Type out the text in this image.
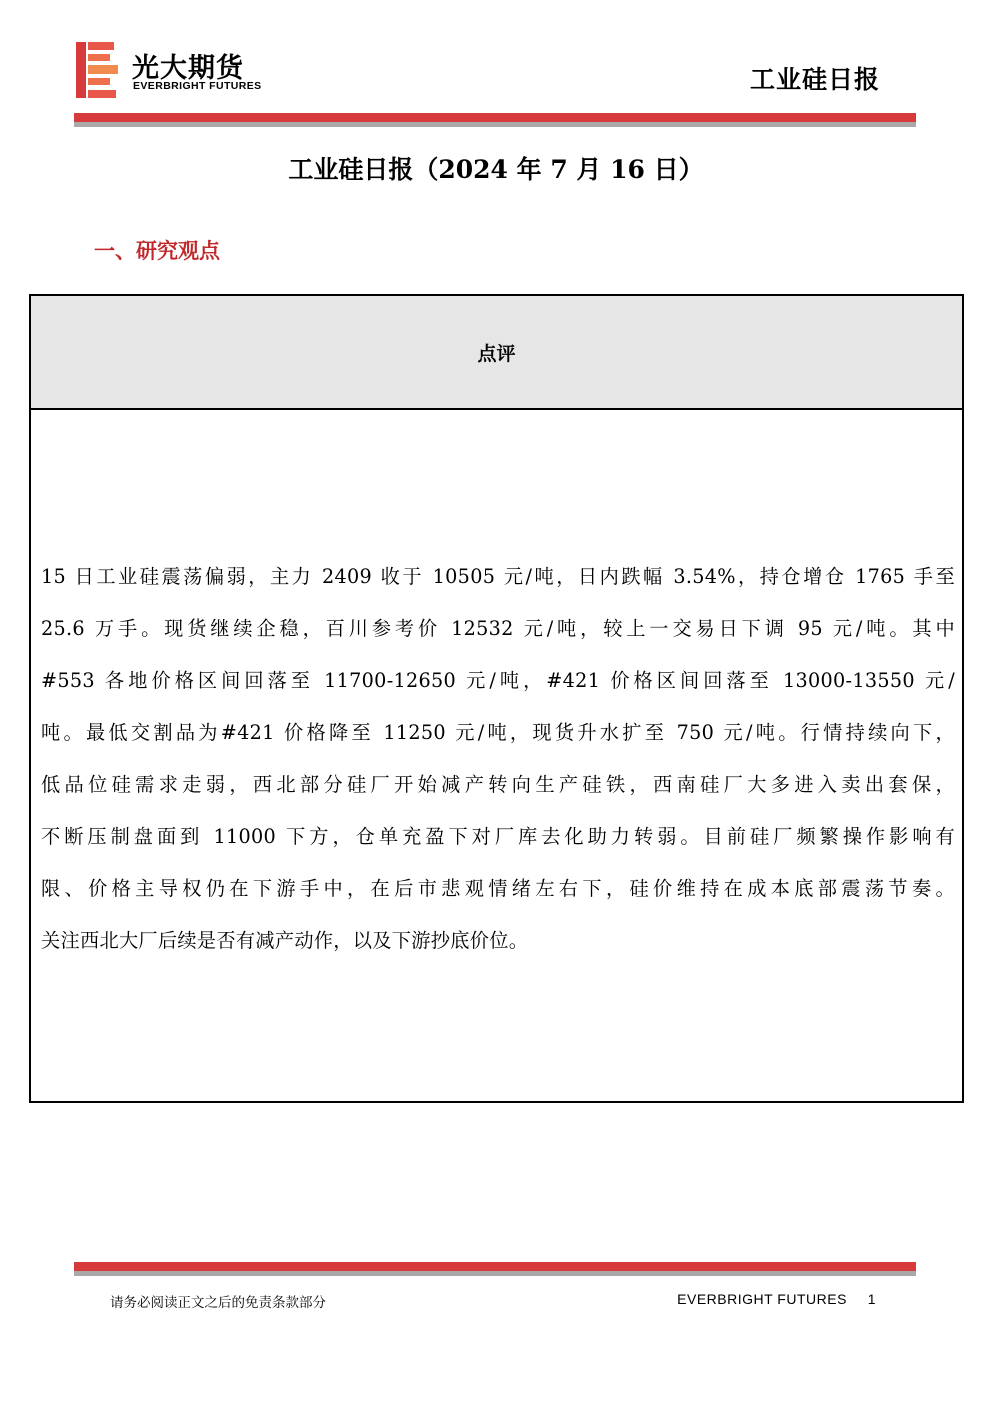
光大期货
EVERBRIGHT FUTURES	工业硅日报
工业硅日报（2024 年 7 月 16 日）
一、研究观点
点评
15 日工业硅震荡偏弱，主力 2409 收于 10505 元/吨，日内跌幅 3.54%，持仓增仓 1765 手至
25.6 万手。现货继续企稳，百川参考价 12532 元/吨，较上一交易日下调 95 元/吨。其中
#553 各地价格区间回落至 11700-12650 元/吨，#421 价格区间回落至 13000-13550 元/
吨。最低交割品为#421 价格降至 11250 元/吨，现货升水扩至 750 元/吨。行情持续向下，
低品位硅需求走弱，西北部分硅厂开始减产转向生产硅铁，西南硅厂大多进入卖出套保，
不断压制盘面到 11000 下方，仓单充盈下对厂库去化助力转弱。目前硅厂频繁操作影响有
限、价格主导权仍在下游手中，在后市悲观情绪左右下，硅价维持在成本底部震荡节奏。
关注西北大厂后续是否有减产动作，以及下游抄底价位。
请务必阅读正文之后的免责条款部分	EVERBRIGHT FUTURES 1
